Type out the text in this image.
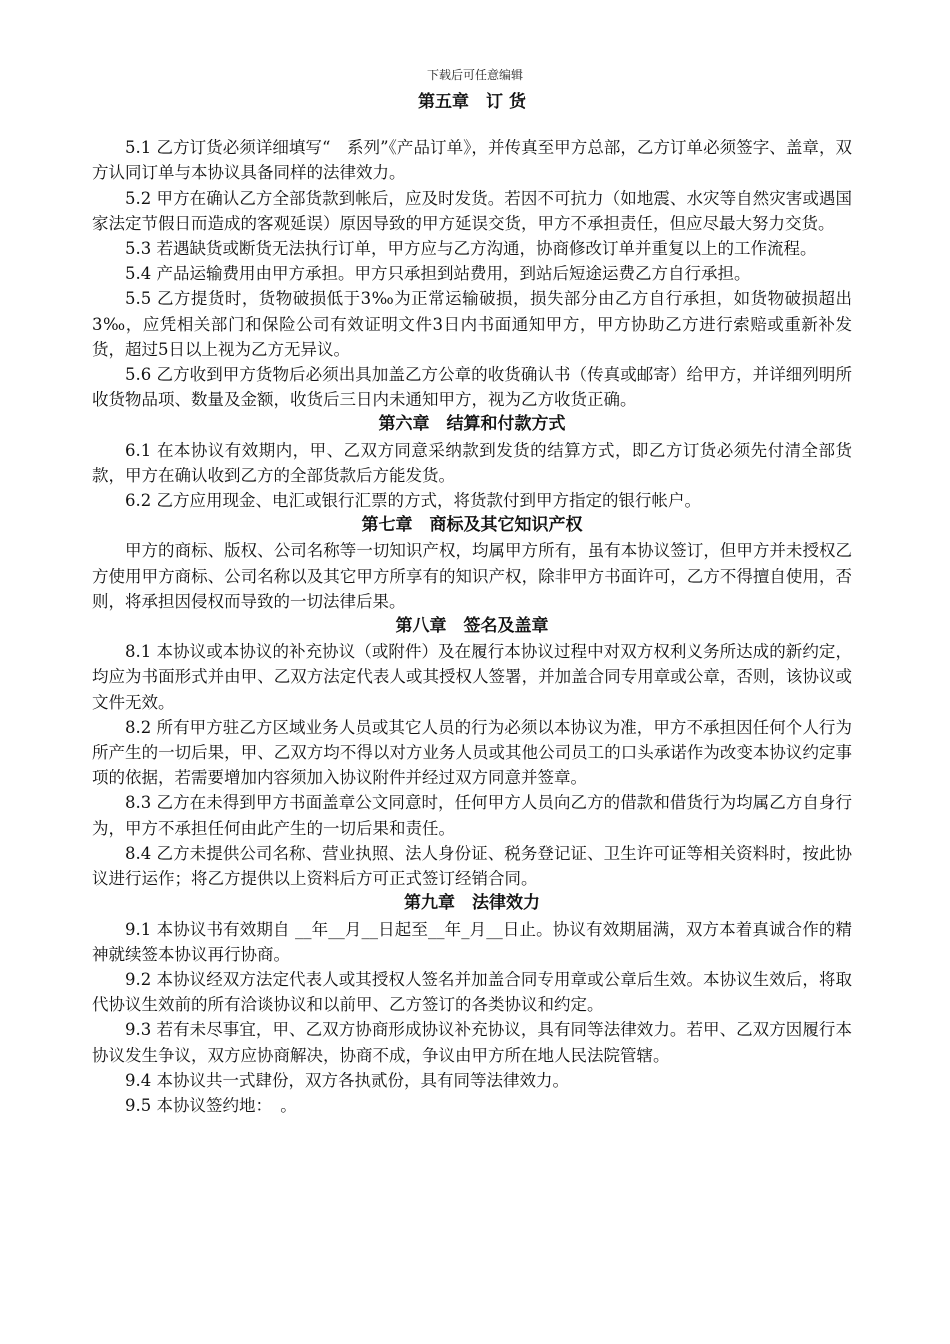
下载后可任意编辑
第五章　订 货

5.1 乙方订货必须详细填写“　系列”《产品订单》，并传真至甲方总部，乙方订单必须签字、盖章，双方认同订单与本协议具备同样的法律效力。

5.2 甲方在确认乙方全部货款到帐后，应及时发货。若因不可抗力（如地震、水灾等自然灾害或遇国家法定节假日而造成的客观延误）原因导致的甲方延误交货，甲方不承担责任，但应尽最大努力交货。

5.3 若遇缺货或断货无法执行订单，甲方应与乙方沟通，协商修改订单并重复以上的工作流程。

5.4 产品运输费用由甲方承担。甲方只承担到站费用，到站后短途运费乙方自行承担。

5.5 乙方提货时，货物破损低于3‰为正常运输破损，损失部分由乙方自行承担，如货物破损超出3‰，应凭相关部门和保险公司有效证明文件3日内书面通知甲方，甲方协助乙方进行索赔或重新补发货，超过5日以上视为乙方无异议。

5.6 乙方收到甲方货物后必须出具加盖乙方公章的收货确认书（传真或邮寄）给甲方，并详细列明所收货物品项、数量及金额，收货后三日内未通知甲方，视为乙方收货正确。

第六章　结算和付款方式

6.1 在本协议有效期内，甲、乙双方同意采纳款到发货的结算方式，即乙方订货必须先付清全部货款，甲方在确认收到乙方的全部货款后方能发货。

6.2 乙方应用现金、电汇或银行汇票的方式，将货款付到甲方指定的银行帐户。

第七章　商标及其它知识产权

甲方的商标、版权、公司名称等一切知识产权，均属甲方所有，虽有本协议签订，但甲方并未授权乙方使用甲方商标、公司名称以及其它甲方所享有的知识产权，除非甲方书面许可，乙方不得擅自使用，否则，将承担因侵权而导致的一切法律后果。

第八章　签名及盖章

8.1 本协议或本协议的补充协议（或附件）及在履行本协议过程中对双方权利义务所达成的新约定，均应为书面形式并由甲、乙双方法定代表人或其授权人签署，并加盖合同专用章或公章，否则，该协议或文件无效。

8.2 所有甲方驻乙方区域业务人员或其它人员的行为必须以本协议为准，甲方不承担因任何个人行为所产生的一切后果，甲、乙双方均不得以对方业务人员或其他公司员工的口头承诺作为改变本协议约定事项的依据，若需要增加内容须加入协议附件并经过双方同意并签章。

8.3 乙方在未得到甲方书面盖章公文同意时，任何甲方人员向乙方的借款和借货行为均属乙方自身行为，甲方不承担任何由此产生的一切后果和责任。

8.4 乙方未提供公司名称、营业执照、法人身份证、税务登记证、卫生许可证等相关资料时，按此协议进行运作；将乙方提供以上资料后方可正式签订经销合同。

第九章　法律效力

9.1 本协议书有效期自 __年__月__日起至__年_月__日止。协议有效期届满，双方本着真诚合作的精神就续签本协议再行协商。

9.2 本协议经双方法定代表人或其授权人签名并加盖合同专用章或公章后生效。本协议生效后，将取代协议生效前的所有洽谈协议和以前甲、乙方签订的各类协议和约定。

9.3 若有未尽事宜，甲、乙双方协商形成协议补充协议，具有同等法律效力。若甲、乙双方因履行本协议发生争议，双方应协商解决，协商不成，争议由甲方所在地人民法院管辖。

9.4 本协议共一式肆份，双方各执贰份，具有同等法律效力。

9.5 本协议签约地：　。
